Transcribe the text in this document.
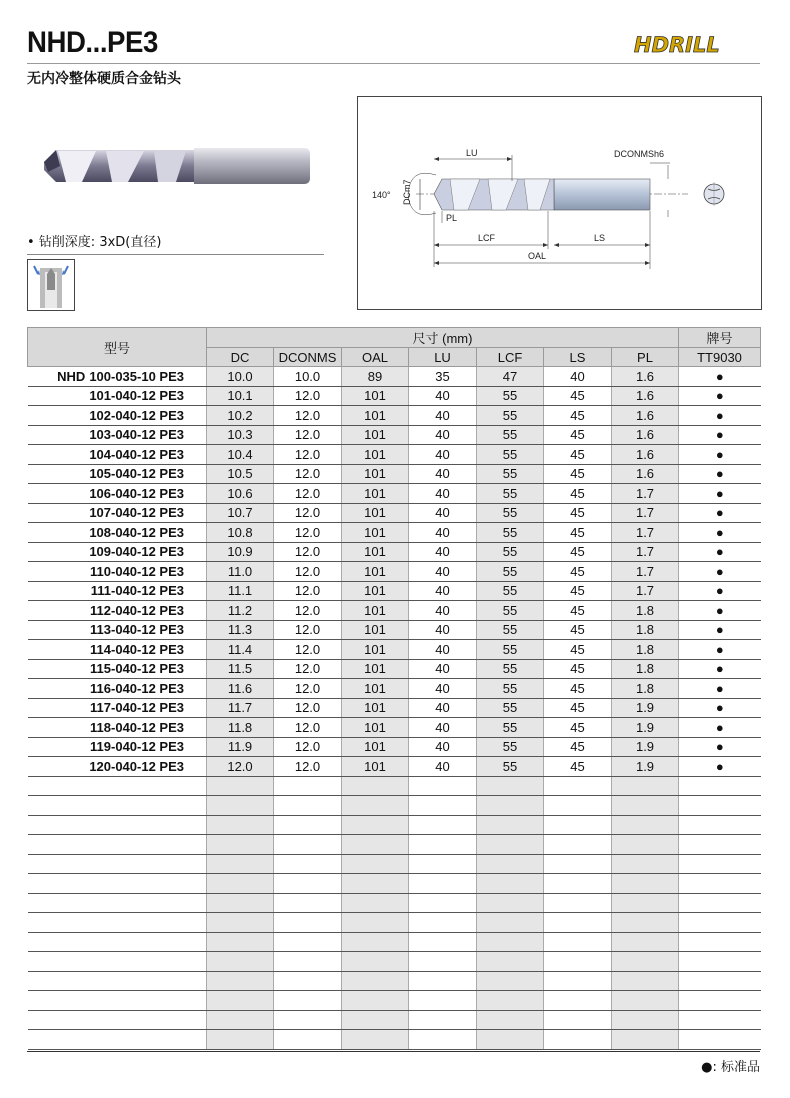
NHD...PE3	HDRILL
无内冷整体硬质合金钻头
• 钻削深度: 3xD(直径)
LU	DCONMSh6
140° DCm7
PL
LCF	LS
OAL
型号	尺寸 (mm)							牌号
	DC	DCONMS	OAL	LU	LCF	LS	PL	TT9030
NHD 100-035-10 PE3	10.0	10.0	89	35	47	40	1.6	●
101-040-12 PE3	10.1	12.0	101	40	55	45	1.6	●
102-040-12 PE3	10.2	12.0	101	40	55	45	1.6	●
103-040-12 PE3	10.3	12.0	101	40	55	45	1.6	●
104-040-12 PE3	10.4	12.0	101	40	55	45	1.6	●
105-040-12 PE3	10.5	12.0	101	40	55	45	1.6	●
106-040-12 PE3	10.6	12.0	101	40	55	45	1.7	●
107-040-12 PE3	10.7	12.0	101	40	55	45	1.7	●
108-040-12 PE3	10.8	12.0	101	40	55	45	1.7	●
109-040-12 PE3	10.9	12.0	101	40	55	45	1.7	●
110-040-12 PE3	11.0	12.0	101	40	55	45	1.7	●
111-040-12 PE3	11.1	12.0	101	40	55	45	1.7	●
112-040-12 PE3	11.2	12.0	101	40	55	45	1.8	●
113-040-12 PE3	11.3	12.0	101	40	55	45	1.8	●
114-040-12 PE3	11.4	12.0	101	40	55	45	1.8	●
115-040-12 PE3	11.5	12.0	101	40	55	45	1.8	●
116-040-12 PE3	11.6	12.0	101	40	55	45	1.8	●
117-040-12 PE3	11.7	12.0	101	40	55	45	1.9	●
118-040-12 PE3	11.8	12.0	101	40	55	45	1.9	●
119-040-12 PE3	11.9	12.0	101	40	55	45	1.9	●
120-040-12 PE3	12.0	12.0	101	40	55	45	1.9	●

●: 标准品
